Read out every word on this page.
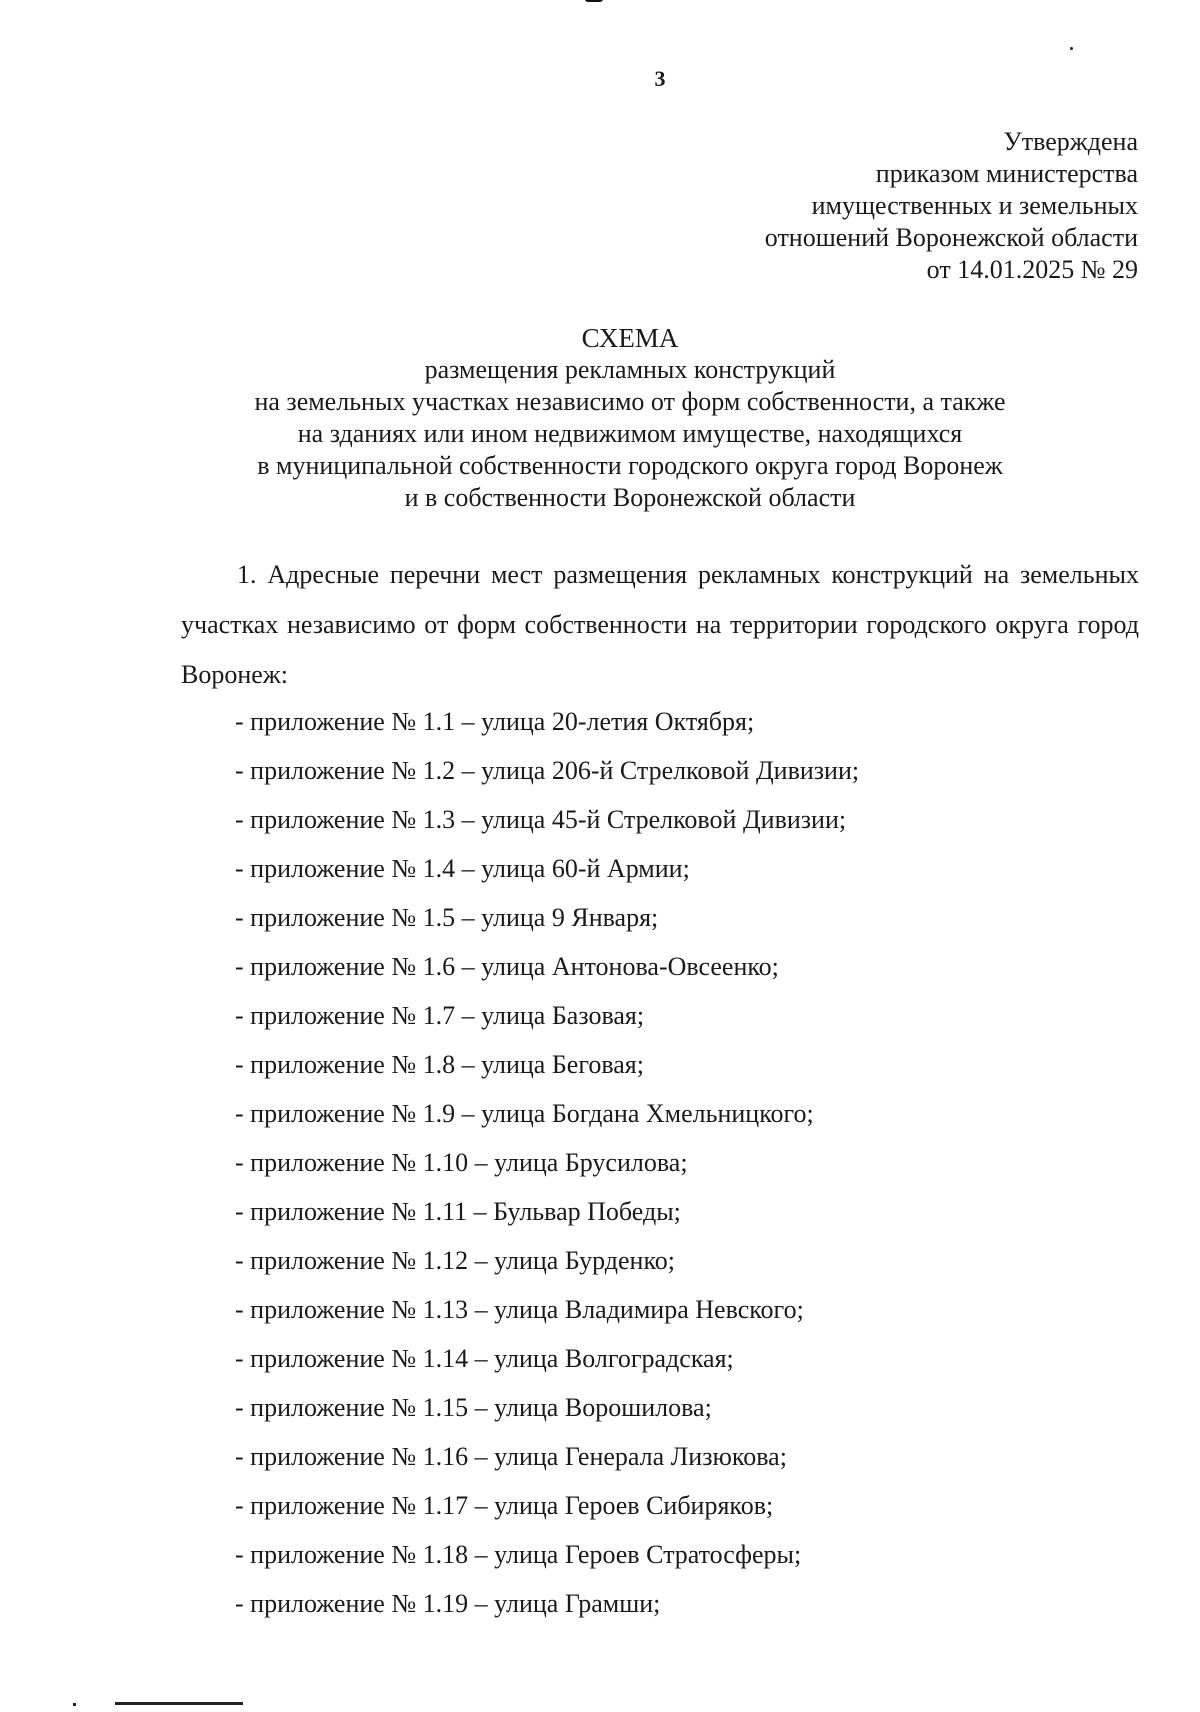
3
Утверждена
приказом министерства
имущественных и земельных
отношений Воронежской области
от 14.01.2025 № 29
СХЕМА
размещения рекламных конструкций
на земельных участках независимо от форм собственности, а также
на зданиях или ином недвижимом имуществе, находящихся
в муниципальной собственности городского округа город Воронеж
и в собственности Воронежской области

1. Адресные перечни мест размещения рекламных конструкций на земельных участках независимо от форм собственности на территории городского округа город Воронеж:

- приложение № 1.1 – улица 20-летия Октября;
- приложение № 1.2 – улица 206-й Стрелковой Дивизии;
- приложение № 1.3 – улица 45-й Стрелковой Дивизии;
- приложение № 1.4 – улица 60-й Армии;
- приложение № 1.5 – улица 9 Января;
- приложение № 1.6 – улица Антонова-Овсеенко;
- приложение № 1.7 – улица Базовая;
- приложение № 1.8 – улица Беговая;
- приложение № 1.9 – улица Богдана Хмельницкого;
- приложение № 1.10 – улица Брусилова;
- приложение № 1.11 – Бульвар Победы;
- приложение № 1.12 – улица Бурденко;
- приложение № 1.13 – улица Владимира Невского;
- приложение № 1.14 – улица Волгоградская;
- приложение № 1.15 – улица Ворошилова;
- приложение № 1.16 – улица Генерала Лизюкова;
- приложение № 1.17 – улица Героев Сибиряков;
- приложение № 1.18 – улица Героев Стратосферы;
- приложение № 1.19 – улица Грамши;
